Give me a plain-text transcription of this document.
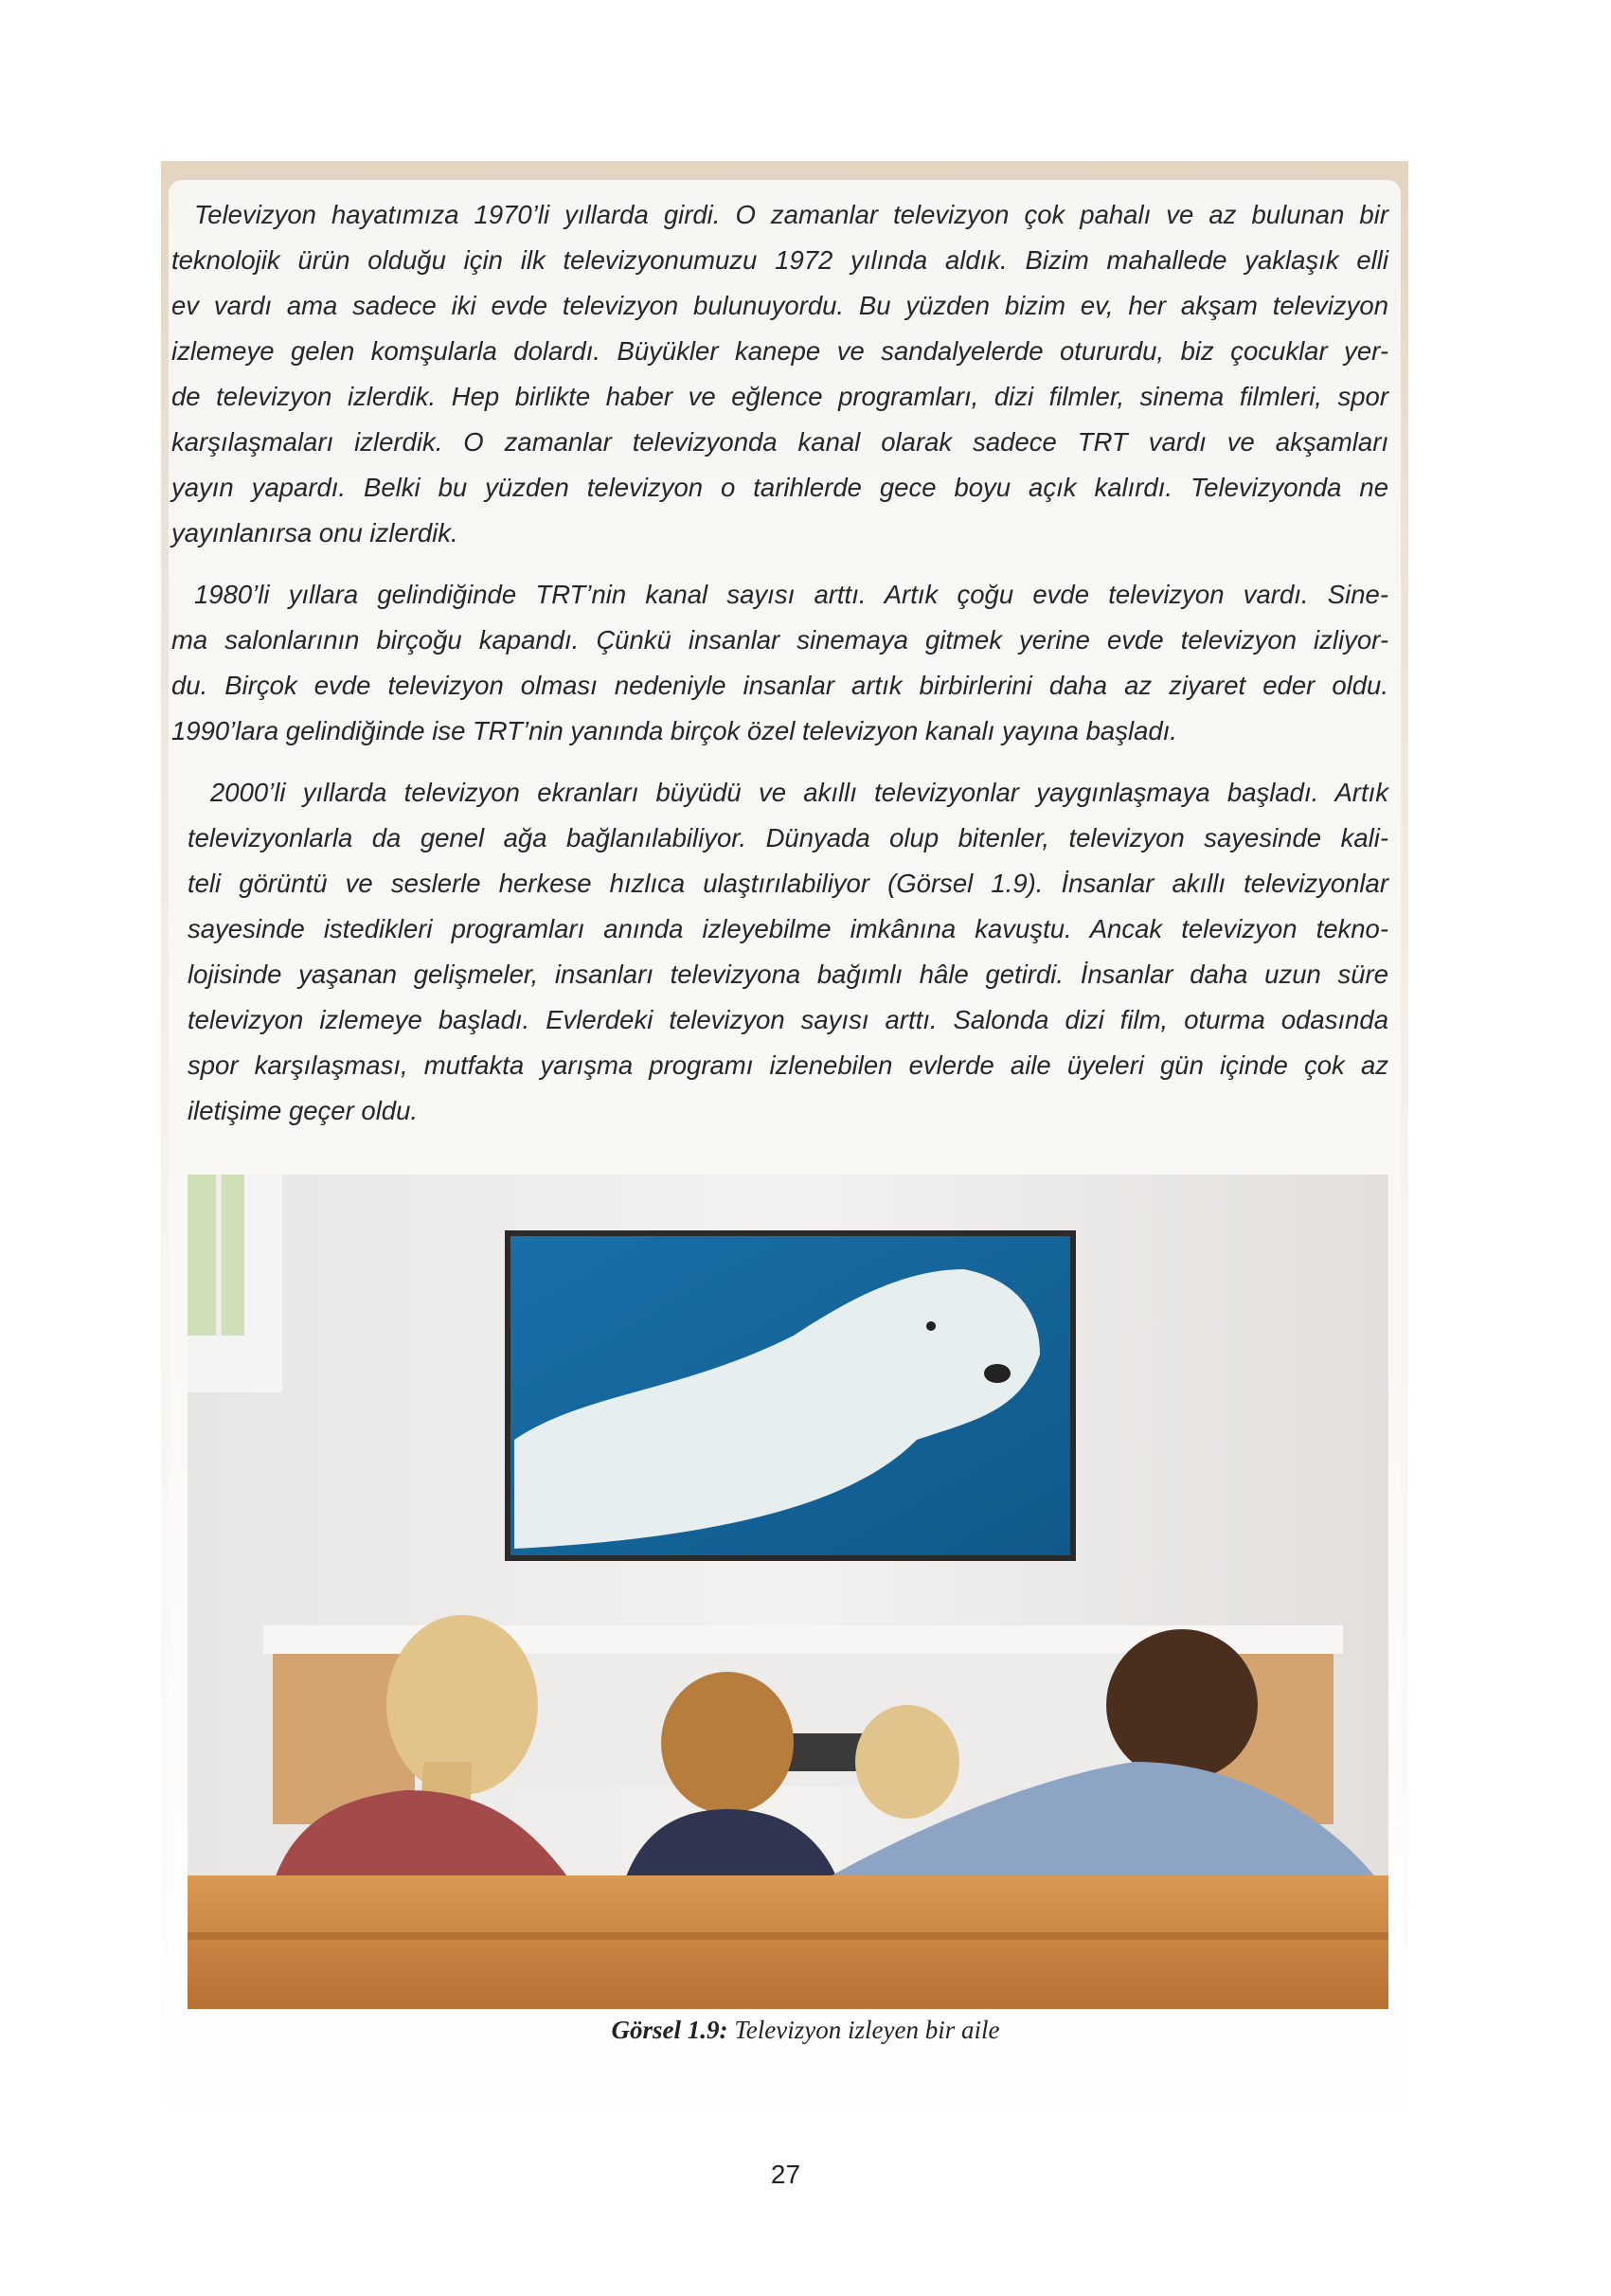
Televizyon hayatımıza 1970’li yıllarda girdi. O zamanlar televizyon çok pahalı ve az bulunan bir
teknolojik ürün olduğu için ilk televizyonumuzu 1972 yılında aldık. Bizim mahallede yaklaşık elli
ev vardı ama sadece iki evde televizyon bulunuyordu. Bu yüzden bizim ev, her akşam televizyon
izlemeye gelen komşularla dolardı. Büyükler kanepe ve sandalyelerde otururdu, biz çocuklar yer-
de televizyon izlerdik. Hep birlikte haber ve eğlence programları, dizi filmler, sinema filmleri, spor
karşılaşmaları izlerdik. O zamanlar televizyonda kanal olarak sadece TRT vardı ve akşamları
yayın yapardı. Belki bu yüzden televizyon o tarihlerde gece boyu açık kalırdı. Televizyonda ne
yayınlanırsa onu izlerdik.
1980’li yıllara gelindiğinde TRT’nin kanal sayısı arttı. Artık çoğu evde televizyon vardı. Sine-
ma salonlarının birçoğu kapandı. Çünkü insanlar sinemaya gitmek yerine evde televizyon izliyor-
du. Birçok evde televizyon olması nedeniyle insanlar artık birbirlerini daha az ziyaret eder oldu.
1990’lara gelindiğinde ise TRT’nin yanında birçok özel televizyon kanalı yayına başladı.
2000’li yıllarda televizyon ekranları büyüdü ve akıllı televizyonlar yaygınlaşmaya başladı. Artık
televizyonlarla da genel ağa bağlanılabiliyor. Dünyada olup bitenler, televizyon sayesinde kali-
teli görüntü ve seslerle herkese hızlıca ulaştırılabiliyor (Görsel 1.9). İnsanlar akıllı televizyonlar
sayesinde istedikleri programları anında izleyebilme imkânına kavuştu. Ancak televizyon tekno-
lojisinde yaşanan gelişmeler, insanları televizyona bağımlı hâle getirdi. İnsanlar daha uzun süre
televizyon izlemeye başladı. Evlerdeki televizyon sayısı arttı. Salonda dizi film, oturma odasında
spor karşılaşması, mutfakta yarışma programı izlenebilen evlerde aile üyeleri gün içinde çok az
iletişime geçer oldu.
Görsel 1.9: Televizyon izleyen bir aile
27
